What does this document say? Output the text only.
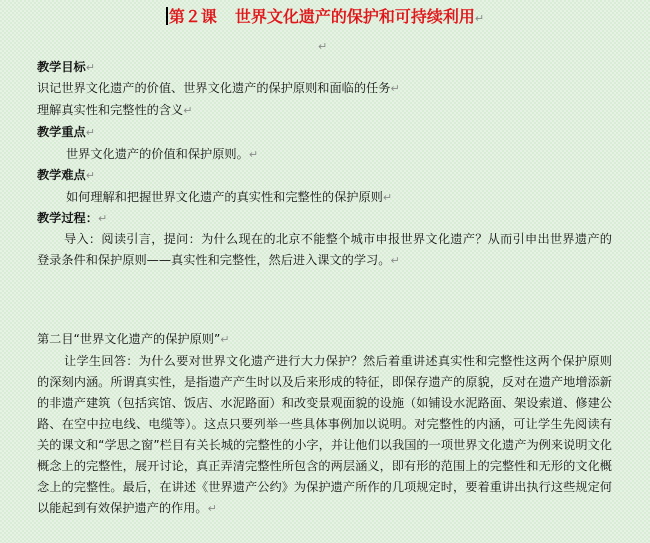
第２课 世界文化遗产的保护和可持续利用↵
↵
教学目标↵
识记世界文化遗产的价值、世界文化遗产的保护原则和面临的任务↵
理解真实性和完整性的含义↵
教学重点↵
世界文化遗产的价值和保护原则。↵
教学难点↵
如何理解和把握世界文化遗产的真实性和完整性的保护原则↵
教学过程：↵

导入：阅读引言，提问：为什么现在的北京不能整个城市申报世界文化遗产？从而引申出世界遗产的登录条件和保护原则——真实性和完整性，然后进入课文的学习。↵

第二目“世界文化遗产的保护原则”↵

让学生回答：为什么要对世界文化遗产进行大力保护？然后着重讲述真实性和完整性这两个保护原则的深刻内涵。所谓真实性，是指遗产产生时以及后来形成的特征，即保存遗产的原貌，反对在遗产地增添新的非遗产建筑（包括宾馆、饭店、水泥路面）和改变景观面貌的设施（如铺设水泥路面、架设索道、修建公路、在空中拉电线、电缆等）。这点只要列举一些具体事例加以说明。对完整性的内涵，可让学生先阅读有关的课文和“学思之窗”栏目有关长城的完整性的小字，并让他们以我国的一项世界文化遗产为例来说明文化概念上的完整性，展开讨论，真正弄清完整性所包含的两层涵义，即有形的范围上的完整性和无形的文化概念上的完整性。最后，在讲述《世界遗产公约》为保护遗产所作的几项规定时，要着重讲出执行这些规定何以能起到有效保护遗产的作用。↵
